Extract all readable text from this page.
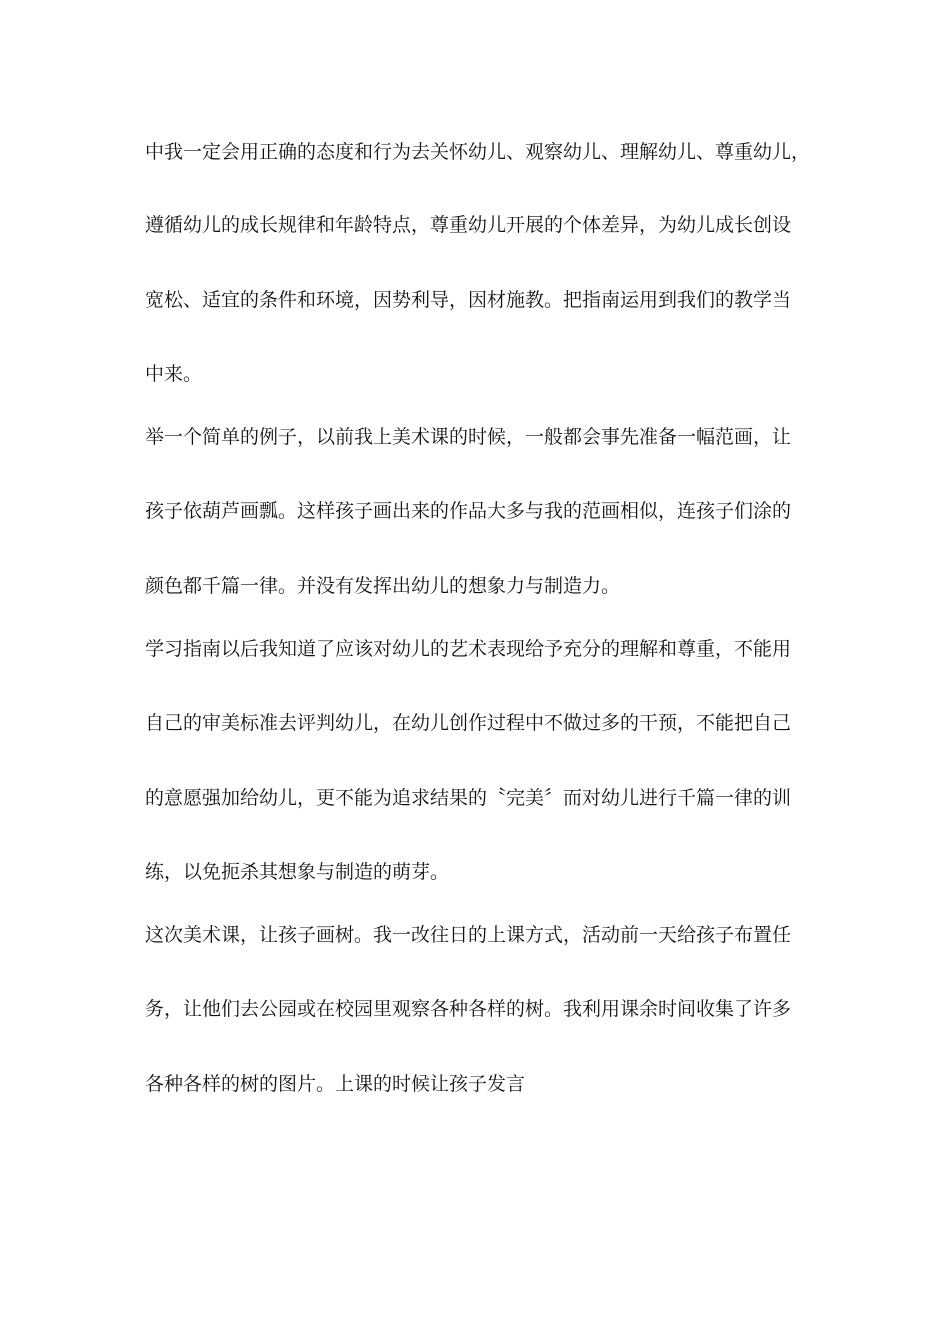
中我一定会用正确的态度和行为去关怀幼儿、观察幼儿、理解幼儿、尊重幼儿，
遵循幼儿的成长规律和年龄特点，尊重幼儿开展的个体差异，为幼儿成长创设
宽松、适宜的条件和环境，因势利导，因材施教。把指南运用到我们的教学当
中来。
举一个简单的例子，以前我上美术课的时候，一般都会事先准备一幅范画，让
孩子依葫芦画瓢。这样孩子画出来的作品大多与我的范画相似，连孩子们涂的
颜色都千篇一律。并没有发挥出幼儿的想象力与制造力。
学习指南以后我知道了应该对幼儿的艺术表现给予充分的理解和尊重，不能用
自己的审美标准去评判幼儿，在幼儿创作过程中不做过多的干预，不能把自己
的意愿强加给幼儿，更不能为追求结果的〝完美〞而对幼儿进行千篇一律的训
练，以免扼杀其想象与制造的萌芽。
这次美术课，让孩子画树。我一改往日的上课方式，活动前一天给孩子布置任
务，让他们去公园或在校园里观察各种各样的树。我利用课余时间收集了许多
各种各样的树的图片。上课的时候让孩子发言
